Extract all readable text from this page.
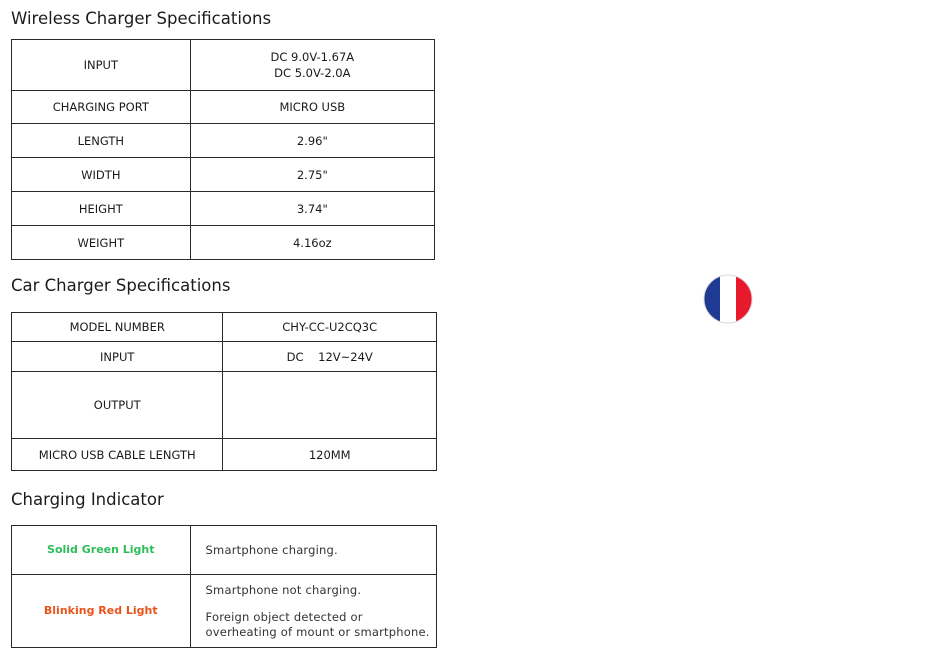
Wireless Charger Specifications
INPUT	DC 9.0V-1.67A
DC 5.0V-2.0A

CHARGING PORT	MICRO USB
LENGTH	2.96"
WIDTH	2.75"
HEIGHT	3.74"
WEIGHT	4.16oz
Car Charger Specifications
MODEL NUMBER	CHY-CC-U2CQ3C
INPUT	DC    12V~24V
OUTPUT	
MICRO USB CABLE LENGTH	120MM
Charging Indicator
Solid Green Light	Smartphone charging.

Blinking Red Light	Smartphone not charging.

Foreign object detected or overheating of mount or smartphone.
